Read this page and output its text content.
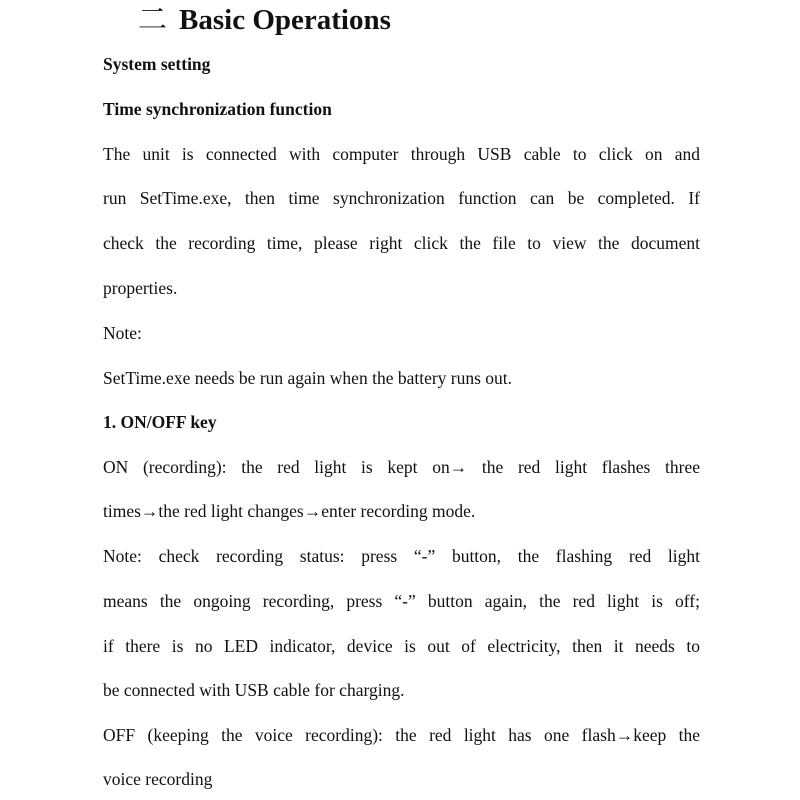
二 Basic Operations
System setting
Time synchronization function
The unit is connected with computer through USB cable to click on and
run SetTime.exe, then time synchronization function can be completed. If
check the recording time, please right click the file to view the document
properties.
Note:
SetTime.exe needs be run again when the battery runs out.
1. ON/OFF key
ON (recording): the red light is kept on→ the red light flashes three
times→the red light changes→enter recording mode.
Note: check recording status: press “-” button, the flashing red light
means the ongoing recording, press “-” button again, the red light is off;
if there is no LED indicator, device is out of electricity, then it needs to
be connected with USB cable for charging.
OFF (keeping the voice recording): the red light has one flash→keep the
voice recording
